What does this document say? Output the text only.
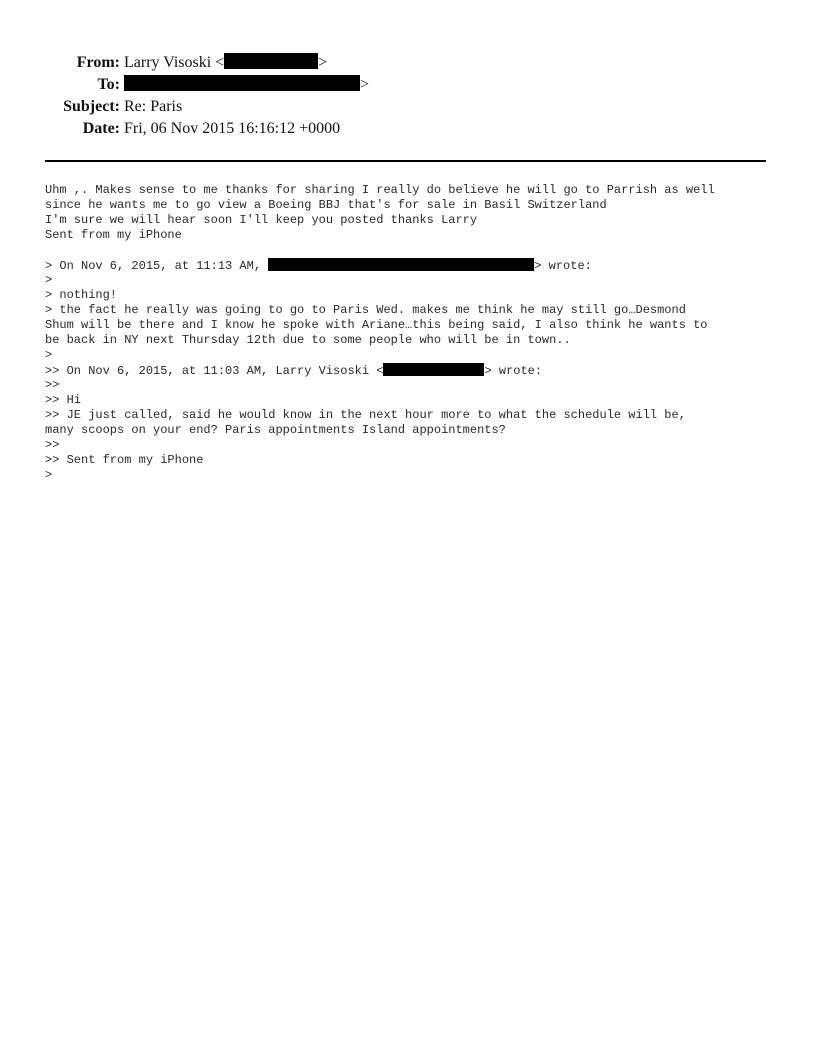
From: Larry Visoski <	>
To:	>
Subject: Re: Paris
Date: Fri, 06 Nov 2015 16:16:12 +0000
Uhm ,. Makes sense to me thanks for sharing I really do believe he will go to Parrish as well
since he wants me to go view a Boeing BBJ that's for sale in Basil Switzerland
I'm sure we will hear soon I'll keep you posted thanks Larry
Sent from my iPhone
> On Nov 6, 2015, at 11:13 AM,	> wrote:
>
> nothing!
> the fact he really was going to go to Paris Wed. makes me think he may still go…Desmond
Shum will be there and I know he spoke with Ariane…this being said, I also think he wants to
be back in NY next Thursday 12th due to some people who will be in town..
>
>> On Nov 6, 2015, at 11:03 AM, Larry Visoski <	> wrote:
>>
>> Hi
>> JE just called, said he would know in the next hour more to what the schedule will be,
many scoops on your end? Paris appointments Island appointments?
>>
>> Sent from my iPhone
>
